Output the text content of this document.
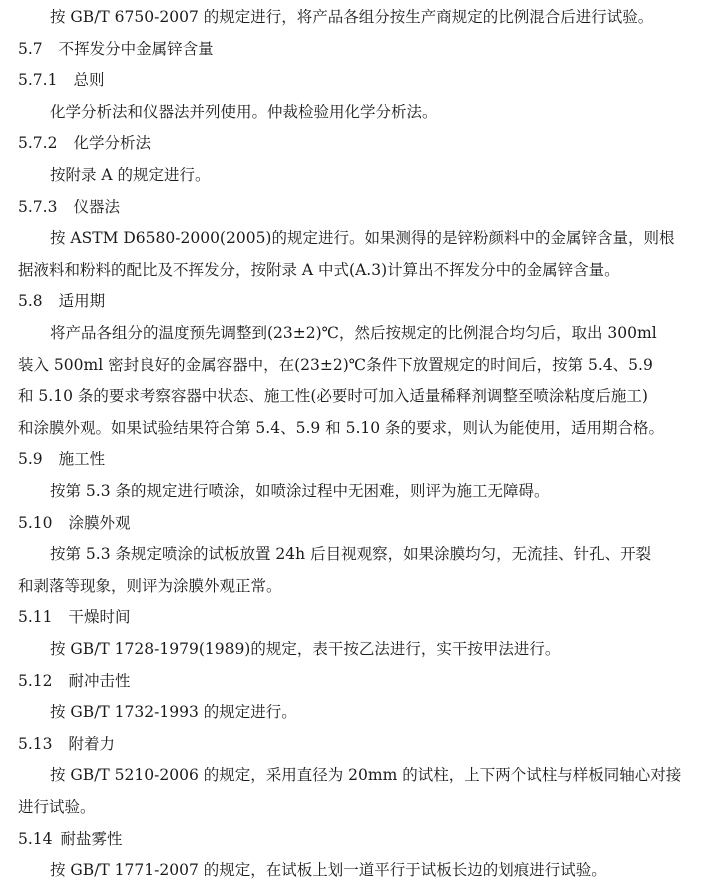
按 GB/T 6750-2007 的规定进行，将产品各组分按生产商规定的比例混合后进行试验。
5.7 不挥发分中金属锌含量
5.7.1 总则
化学分析法和仪器法并列使用。仲裁检验用化学分析法。
5.7.2 化学分析法
按附录 A 的规定进行。
5.7.3 仪器法
按 ASTM D6580-2000(2005)的规定进行。如果测得的是锌粉颜料中的金属锌含量，则根
据液料和粉料的配比及不挥发分，按附录 A 中式(A.3)计算出不挥发分中的金属锌含量。
5.8 适用期
将产品各组分的温度预先调整到(23±2)℃，然后按规定的比例混合均匀后，取出 300ml
装入 500ml 密封良好的金属容器中，在(23±2)℃条件下放置规定的时间后，按第 5.4、5.9
和 5.10 条的要求考察容器中状态、施工性(必要时可加入适量稀释剂调整至喷涂粘度后施工)
和涂膜外观。如果试验结果符合第 5.4、5.9 和 5.10 条的要求，则认为能使用，适用期合格。
5.9 施工性
按第 5.3 条的规定进行喷涂，如喷涂过程中无困难，则评为施工无障碍。
5.10 涂膜外观
按第 5.3 条规定喷涂的试板放置 24h 后目视观察，如果涂膜均匀，无流挂、针孔、开裂
和剥落等现象，则评为涂膜外观正常。
5.11 干燥时间
按 GB/T 1728-1979(1989)的规定，表干按乙法进行，实干按甲法进行。
5.12 耐冲击性
按 GB/T 1732-1993 的规定进行。
5.13 附着力
按 GB/T 5210-2006 的规定，采用直径为 20mm 的试柱，上下两个试柱与样板同轴心对接
进行试验。
5.14 耐盐雾性
按 GB/T 1771-2007 的规定，在试板上划一道平行于试板长边的划痕进行试验。
